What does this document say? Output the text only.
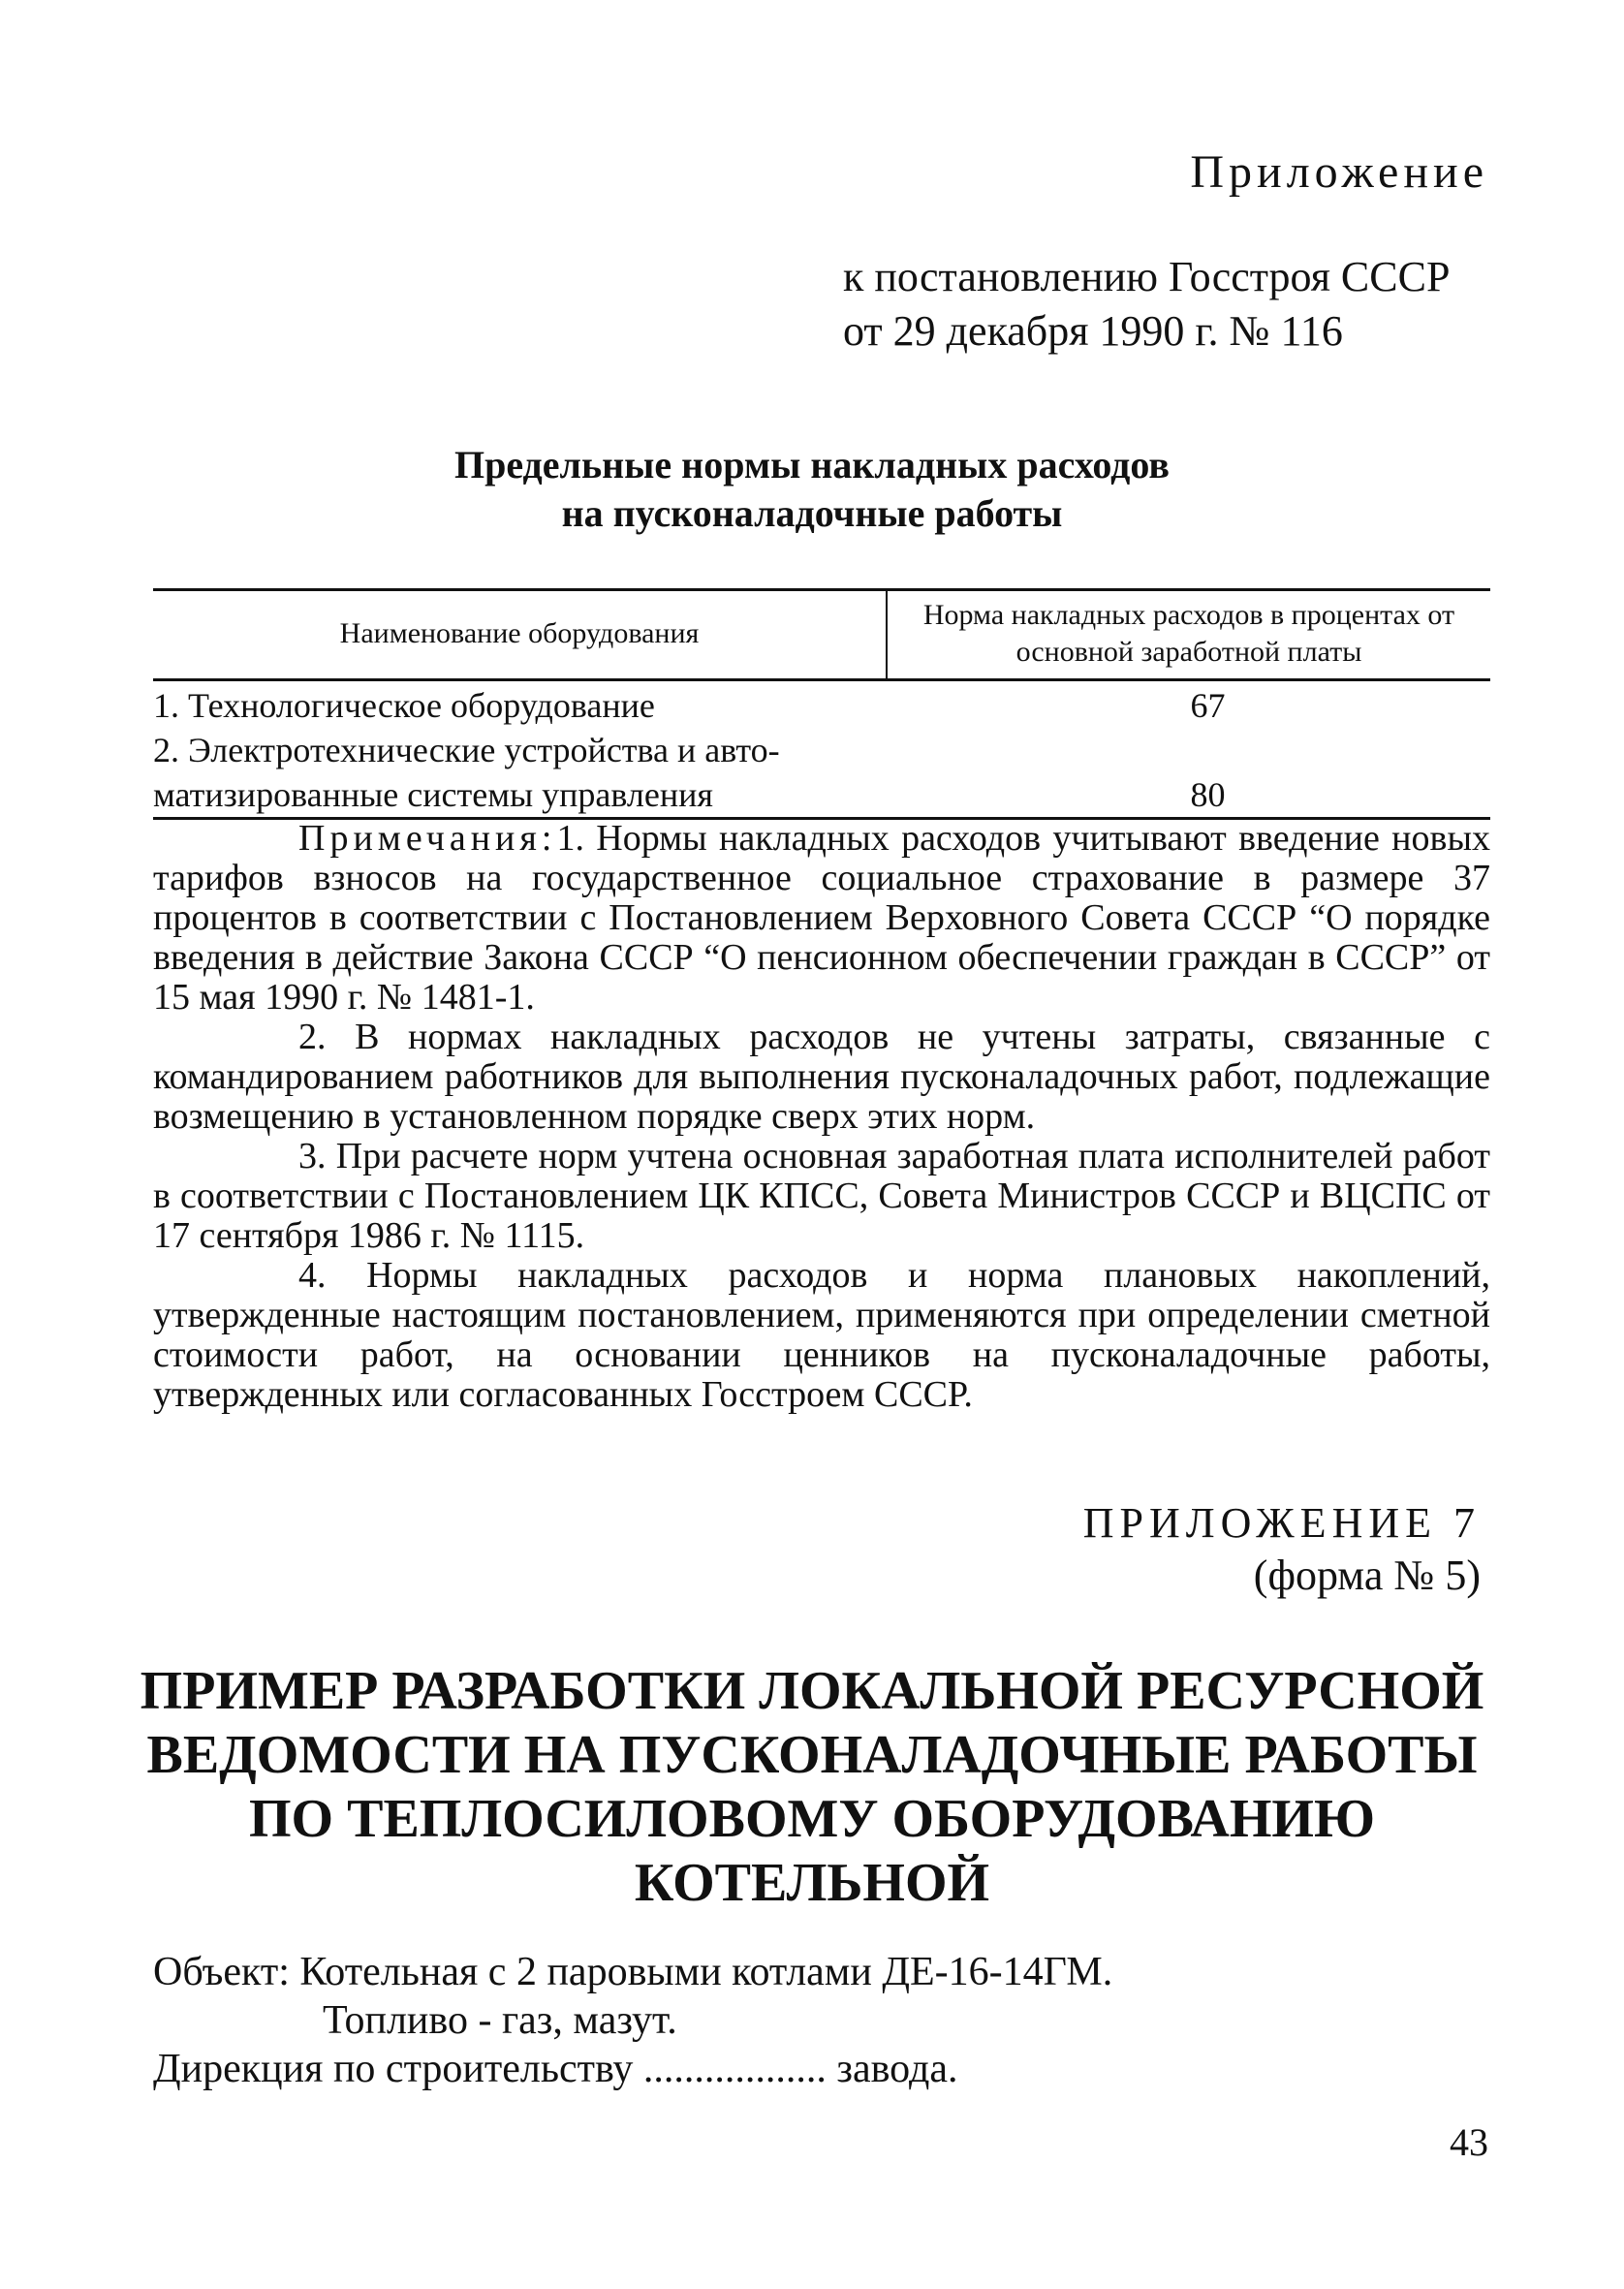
Приложение
к постановлению Госстроя СССР
от 29 декабря 1990 г. № 116
Предельные нормы накладных расходов
на пусконаладочные работы
Наименование оборудования	Норма накладных расходов в процентах от основной заработной платы
1. Технологическое оборудование	67
2. Электротехнические устройства и авто-	
матизированные системы управления	80

Примечания:1. Нормы накладных расходов учитывают введение новых тарифов взносов на государственное социальное страхование в размере 37 процентов в соответствии с Постановлением Верховного Совета СССР “О порядке введения в действие Закона СССР “О пенсионном обеспечении граждан в СССР” от 15 мая 1990 г. № 1481-1.

2. В нормах накладных расходов не учтены затраты, связанные с командированием работников для выполнения пусконаладочных работ, подлежащие возмещению в установленном порядке сверх этих норм.

3. При расчете норм учтена основная заработная плата исполнителей работ в соответствии с Постановлением ЦК КПСС, Совета Министров СССР и ВЦСПС от 17 сентября 1986 г. № 1115.

4. Нормы накладных расходов и норма плановых накоплений, утвержденные настоящим постановлением, применяются при определении сметной стоимости работ, на основании ценников на пусконаладочные работы, утвержденных или согласованных Госстроем СССР.

ПРИЛОЖЕНИЕ 7
(форма № 5)
ПРИМЕР РАЗРАБОТКИ ЛОКАЛЬНОЙ РЕСУРСНОЙ
ВЕДОМОСТИ НА ПУСКОНАЛАДОЧНЫЕ РАБОТЫ
ПО ТЕПЛОСИЛОВОМУ ОБОРУДОВАНИЮ
КОТЕЛЬНОЙ
Объект: Котельная с 2 паровыми котлами ДЕ-16-14ГМ.
Топливо - газ, мазут.
Дирекция по строительству .................. завода.
43
